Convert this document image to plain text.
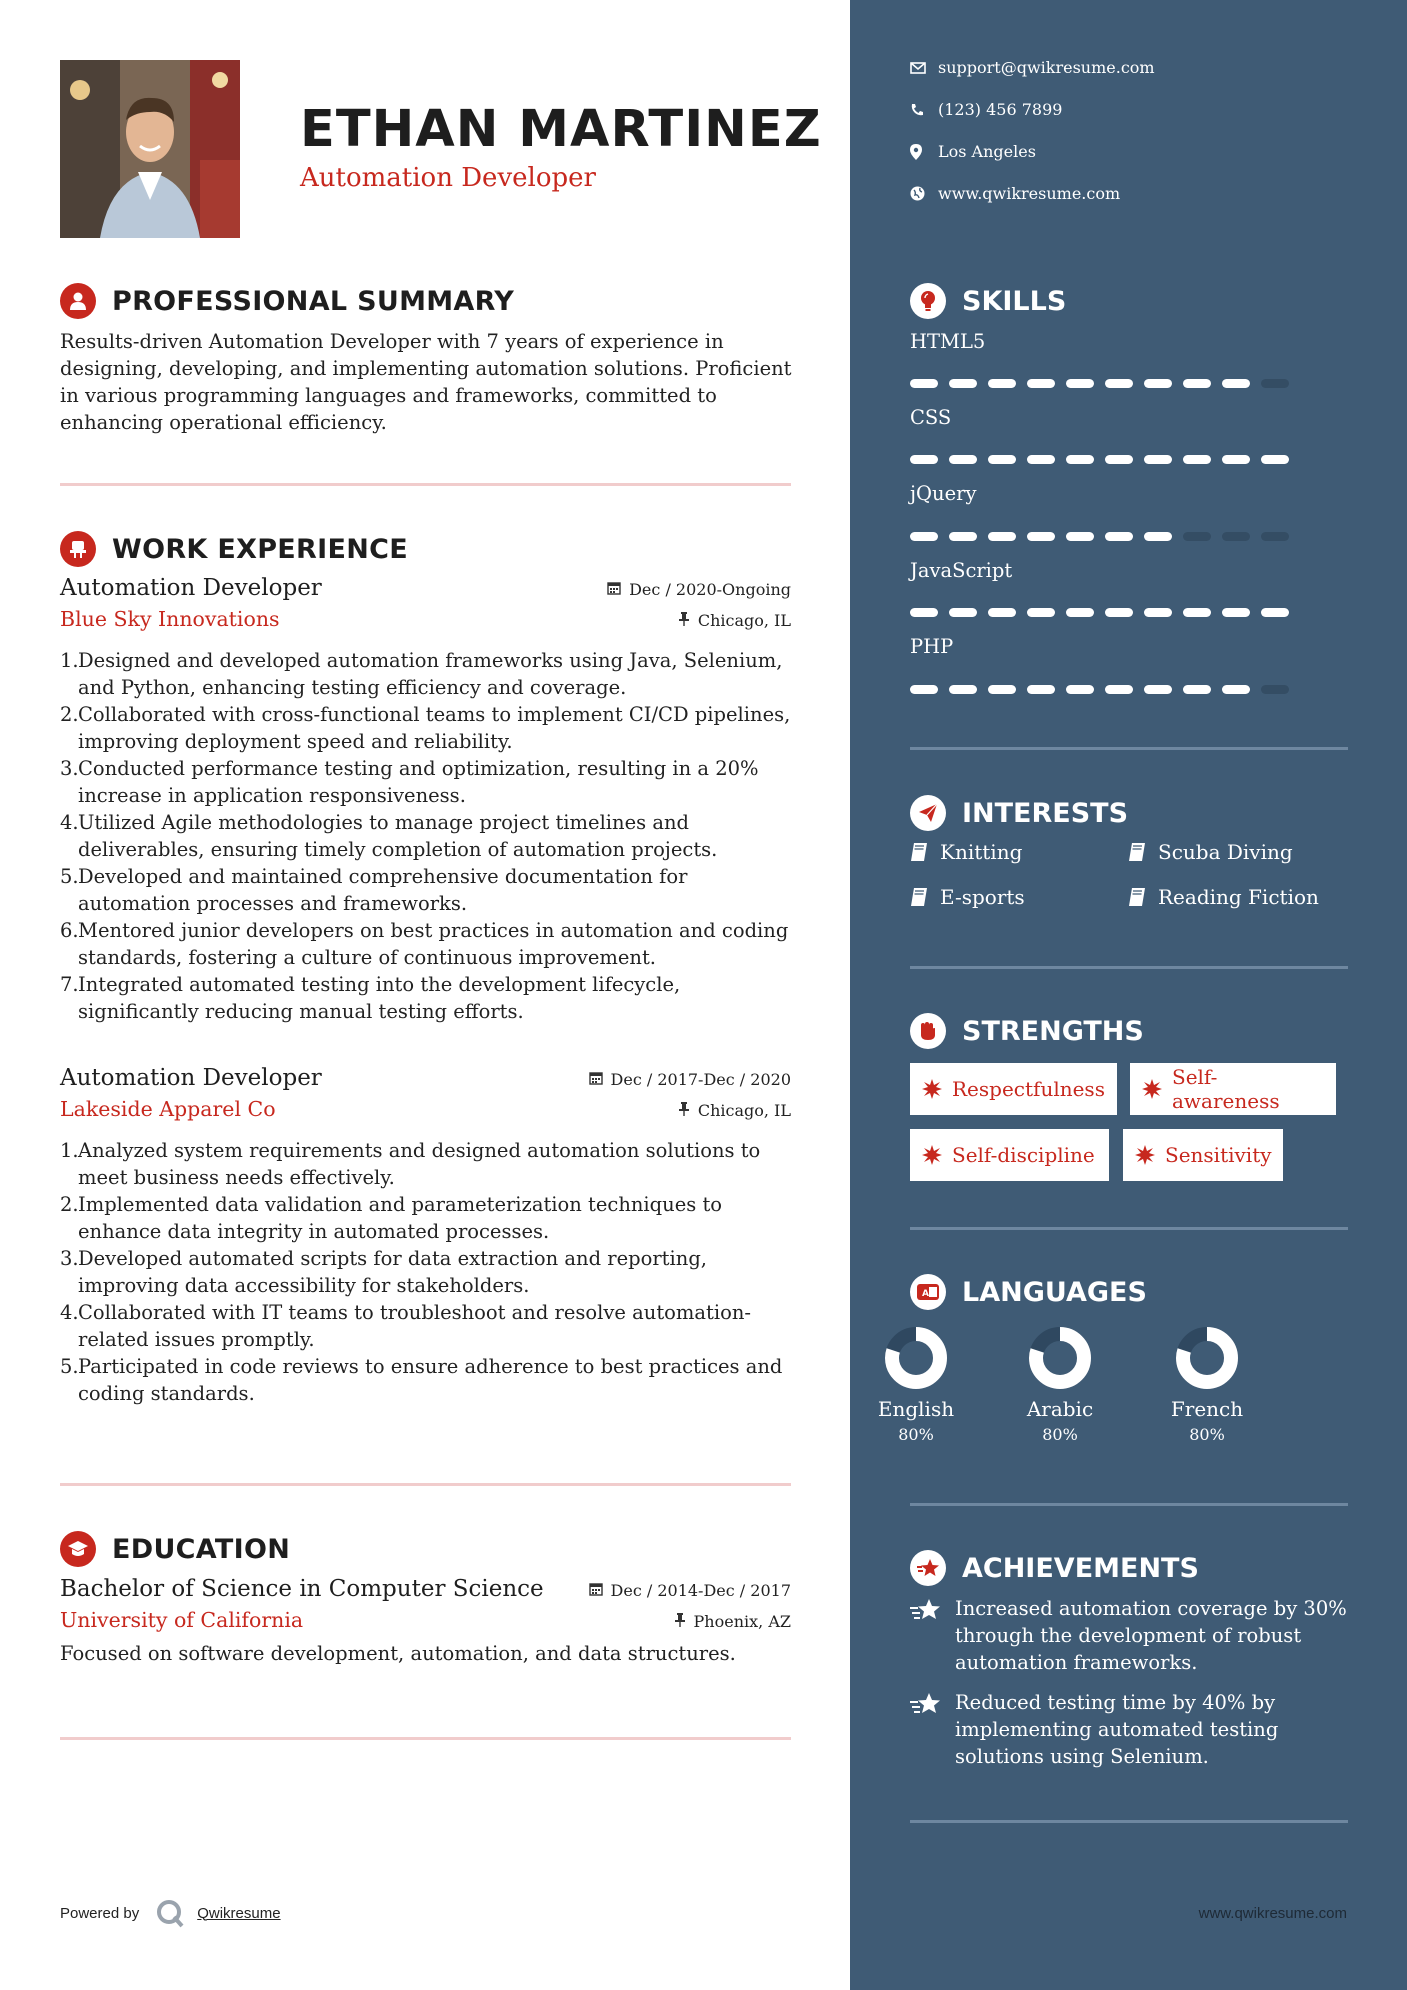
ETHAN MARTINEZ
Automation Developer
PROFESSIONAL SUMMARY
Results-driven Automation Developer with 7 years of experience in designing, developing, and implementing automation solutions. Proficient in various programming languages and frameworks, committed to enhancing operational efficiency.
WORK EXPERIENCE
Automation Developer	Dec / 2020-Ongoing
Blue Sky Innovations	Chicago, IL
1. Designed and developed automation frameworks using Java, Selenium, and Python, enhancing testing efficiency and coverage.
2. Collaborated with cross-functional teams to implement CI/CD pipelines, improving deployment speed and reliability.
3. Conducted performance testing and optimization, resulting in a 20% increase in application responsiveness.
4. Utilized Agile methodologies to manage project timelines and deliverables, ensuring timely completion of automation projects.
5. Developed and maintained comprehensive documentation for automation processes and frameworks.
6. Mentored junior developers on best practices in automation and coding standards, fostering a culture of continuous improvement.
7. Integrated automated testing into the development lifecycle, significantly reducing manual testing efforts.
Automation Developer	Dec / 2017-Dec / 2020
Lakeside Apparel Co	Chicago, IL
1. Analyzed system requirements and designed automation solutions to meet business needs effectively.
2. Implemented data validation and parameterization techniques to enhance data integrity in automated processes.
3. Developed automated scripts for data extraction and reporting, improving data accessibility for stakeholders.
4. Collaborated with IT teams to troubleshoot and resolve automation-related issues promptly.
5. Participated in code reviews to ensure adherence to best practices and coding standards.
EDUCATION
Bachelor of Science in Computer Science	Dec / 2014-Dec / 2017
University of California	Phoenix, AZ
Focused on software development, automation, and data structures.
Powered by	Qwikresume
support@qwikresume.com
(123) 456 7899
Los Angeles
www.qwikresume.com
SKILLS
HTML5
CSS
jQuery
JavaScript
PHP
INTERESTS
Knitting	Scuba Diving
E-sports	Reading Fiction
STRENGTHS
Respectfulness	Self-awareness
Self-discipline	Sensitivity
A LANGUAGES
English
80%
Arabic
80%
French
80%
ACHIEVEMENTS
Increased automation coverage by 30% through the development of robust automation frameworks.
Reduced testing time by 40% by implementing automated testing solutions using Selenium.
www.qwikresume.com
